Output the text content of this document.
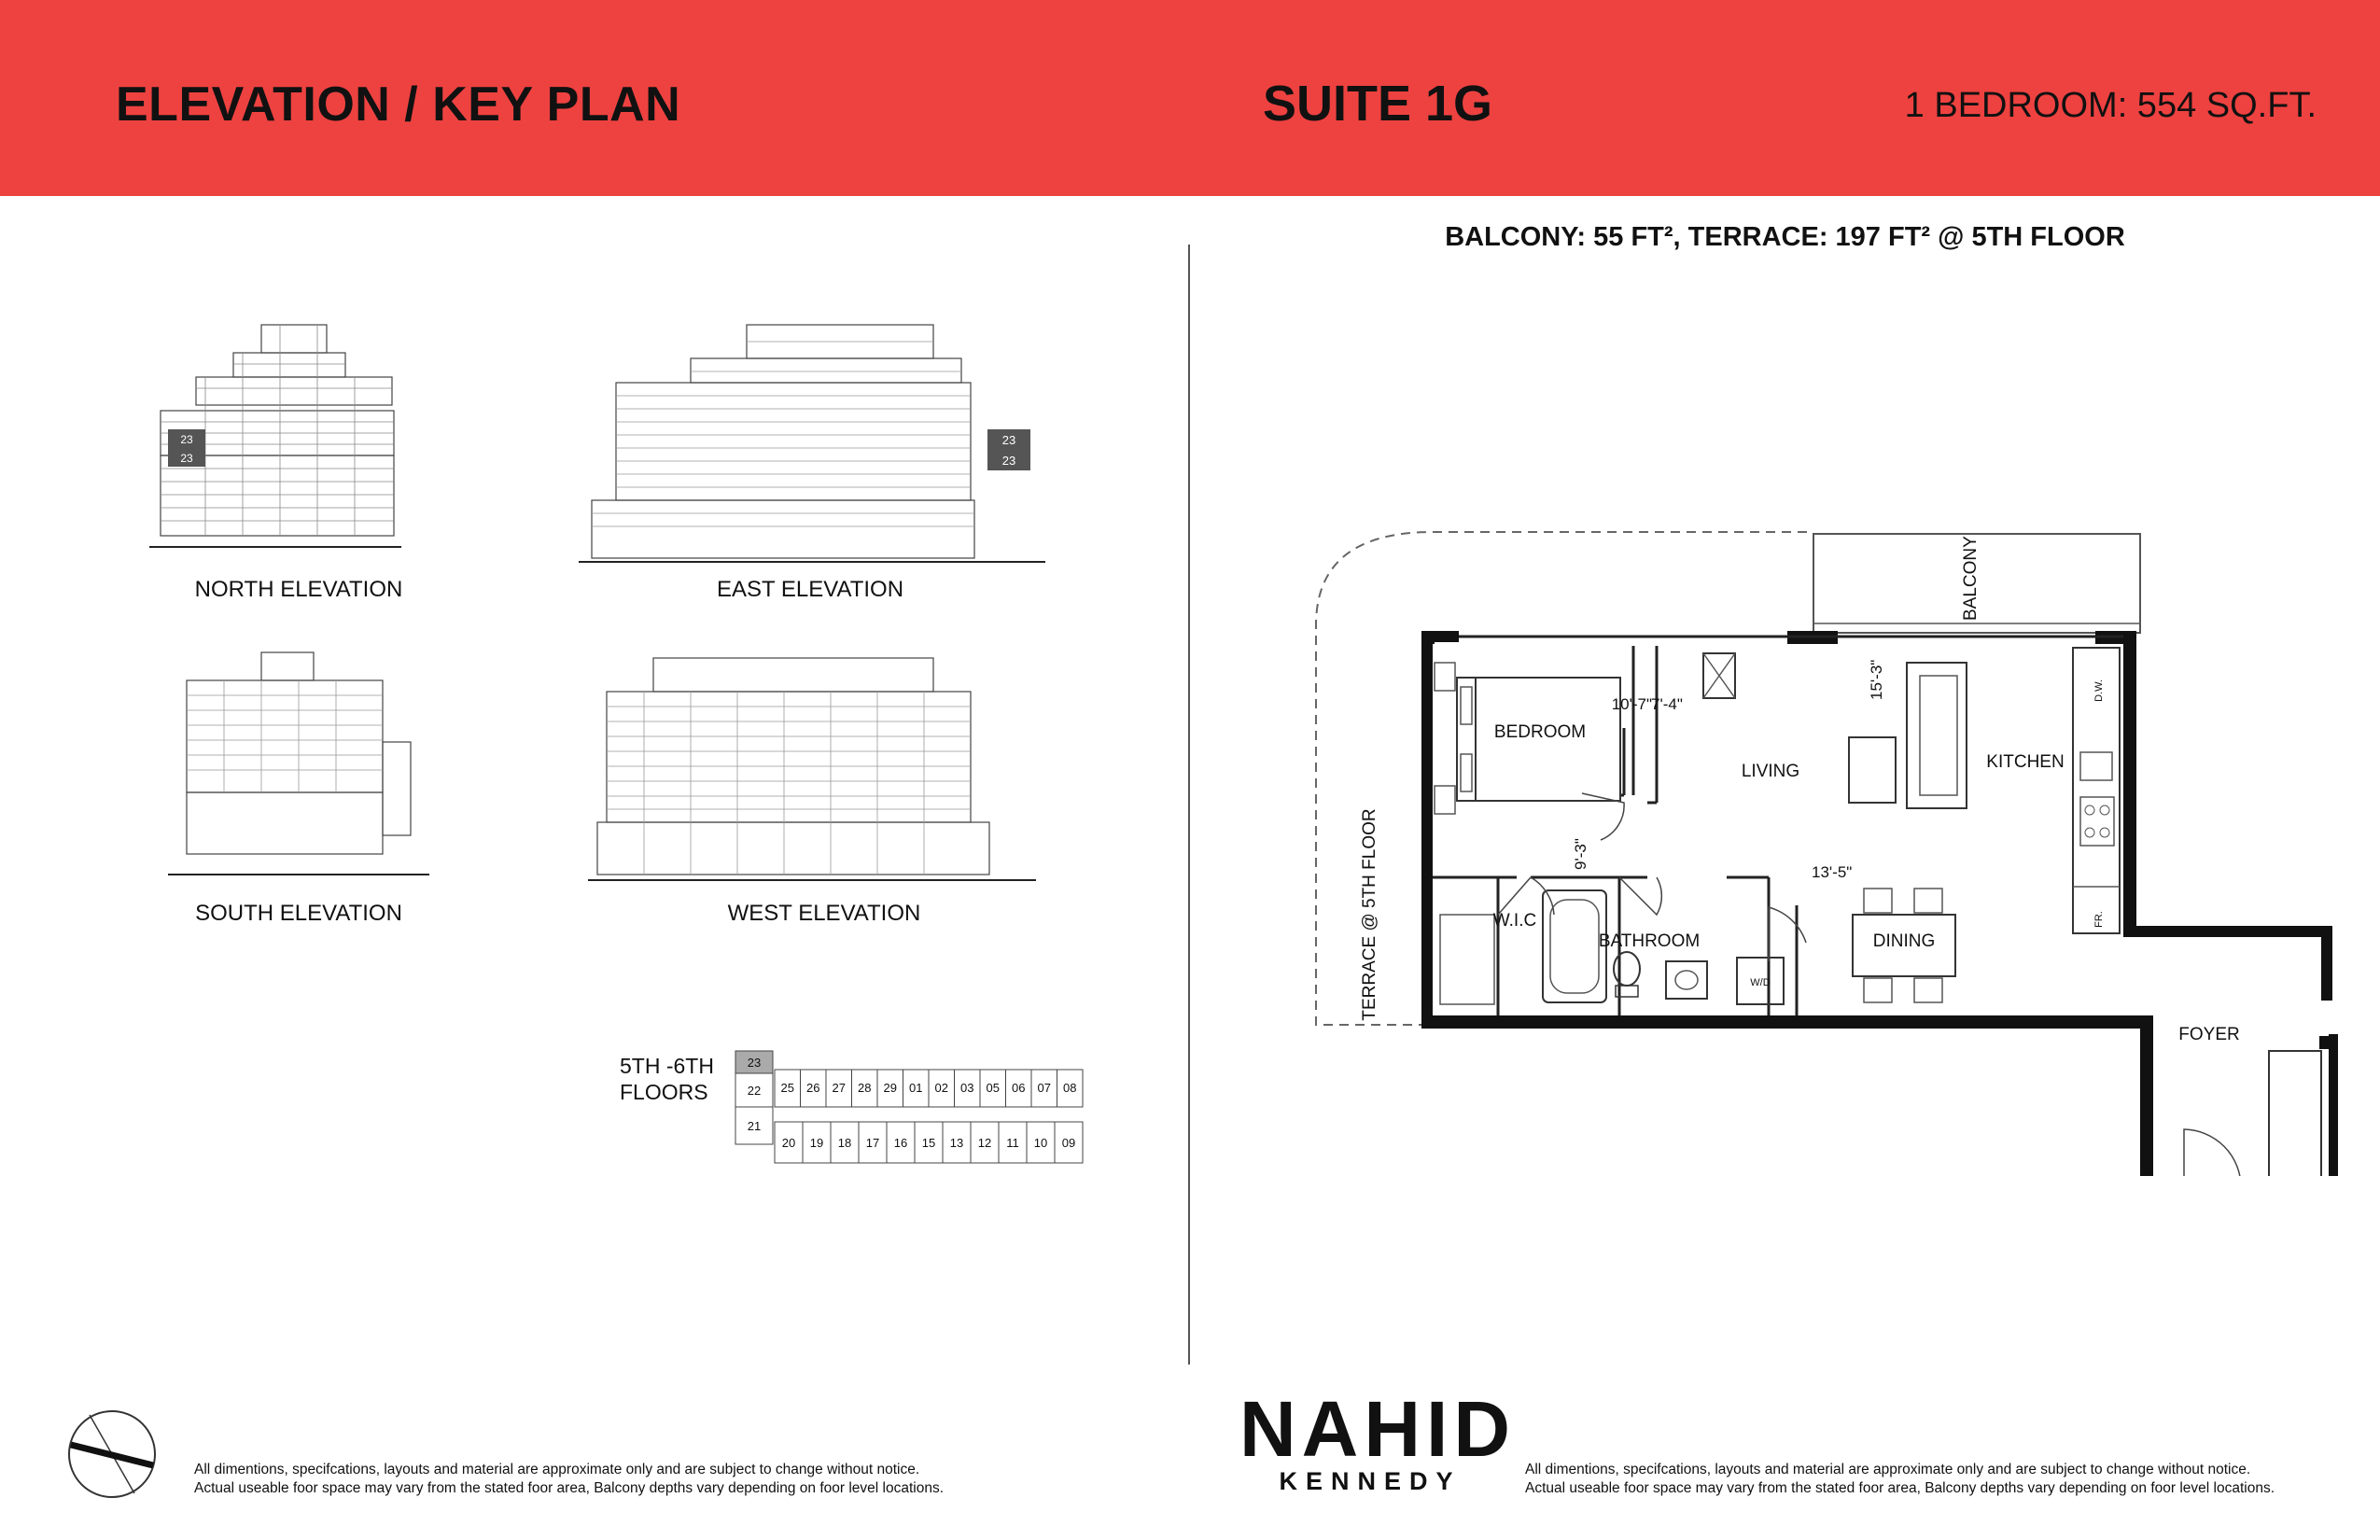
ELEVATION / KEY PLAN	SUITE 1G	1 BEDROOM: 554 SQ.FT.
BALCONY: 55 FT², TERRACE: 197 FT² @ 5TH FLOOR
23
23
NORTH ELEVATION
23
23
EAST ELEVATION
SOUTH ELEVATION	WEST ELEVATION
5TH -6TH
FLOORS
23
22
21
25 26 27 28 29 01 02 03 05 06 07 08
20 19 18 17 16 15 13 12 11 10 09
BEDROOM
LIVING	KITCHEN
DINING
BATHROOM
W.I.C
FOYER
BALCONY
TERRACE @ 5TH FLOOR
10'-7"
9'-3"
7'-4"
15'-3"
13'-5"
D.W.
FR.
W/D
All dimentions, specifcations, layouts and material are approximate only and are subject to change without notice.
Actual useable foor space may vary from the stated foor area, Balcony depths vary depending on foor level locations.
All dimentions, specifcations, layouts and material are approximate only and are subject to change without notice.
Actual useable foor space may vary from the stated foor area, Balcony depths vary depending on foor level locations.
NAHID
KENNEDY
